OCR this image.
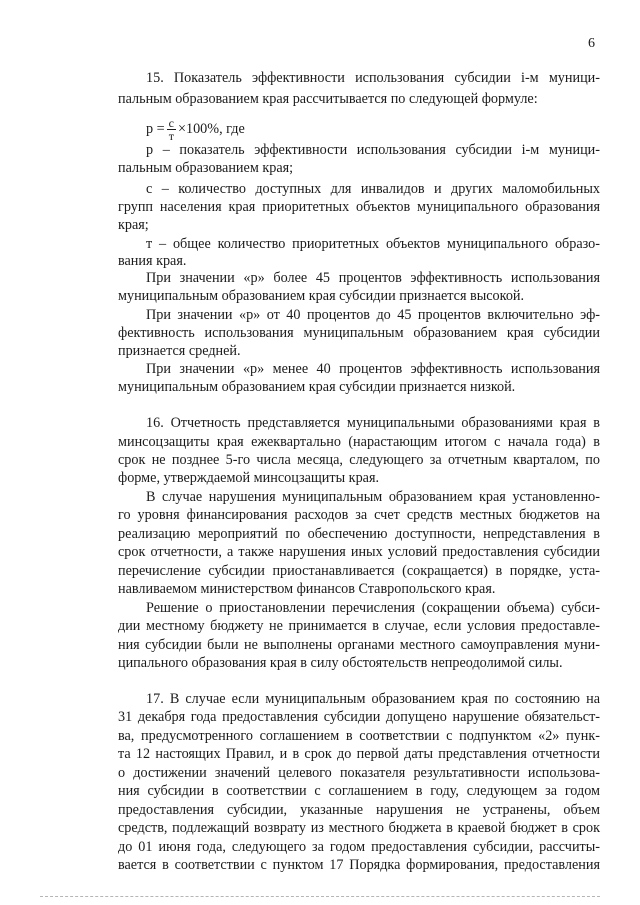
6
15. Показатель эффективности использования субсидии i-м муници-
пальным образованием края рассчитывается по следующей формуле:
$р = \frac{с}{т} \times 100\%$, где
р – показатель эффективности использования субсидии i-м муници-
пальным образованием края;
с – количество доступных для инвалидов и других маломобильных
групп населения края приоритетных объектов муниципального образования
края;
т – общее количество приоритетных объектов муниципального образо-
вания края.
При значении «р» более 45 процентов эффективность использования
муниципальным образованием края субсидии признается высокой.
При значении «р» от 40 процентов до 45 процентов включительно эф-
фективность использования муниципальным образованием края субсидии
признается средней.
При значении «р» менее 40 процентов эффективность использования
муниципальным образованием края субсидии признается низкой.
16. Отчетность представляется муниципальными образованиями края в
минсоцзащиты края ежеквартально (нарастающим итогом с начала года) в
срок не позднее 5-го числа месяца, следующего за отчетным кварталом, по
форме, утверждаемой минсоцзащиты края.
В случае нарушения муниципальным образованием края установленно-
го уровня финансирования расходов за счет средств местных бюджетов на
реализацию мероприятий по обеспечению доступности, непредставления в
срок отчетности, а также нарушения иных условий предоставления субсидии
перечисление субсидии приостанавливается (сокращается) в порядке, уста-
навливаемом министерством финансов Ставропольского края.
Решение о приостановлении перечисления (сокращении объема) субси-
дии местному бюджету не принимается в случае, если условия предоставле-
ния субсидии были не выполнены органами местного самоуправления муни-
ципального образования края в силу обстоятельств непреодолимой силы.
17. В случае если муниципальным образованием края по состоянию на
31 декабря года предоставления субсидии допущено нарушение обязательст-
ва, предусмотренного соглашением в соответствии с подпунктом «2» пунк-
та 12 настоящих Правил, и в срок до первой даты представления отчетности
о достижении значений целевого показателя результативности использова-
ния субсидии в соответствии с соглашением в году, следующем за годом
предоставления субсидии, указанные нарушения не устранены, объем
средств, подлежащий возврату из местного бюджета в краевой бюджет в срок
до 01 июня года, следующего за годом предоставления субсидии, рассчиты-
вается в соответствии с пунктом 17 Порядка формирования, предоставления
